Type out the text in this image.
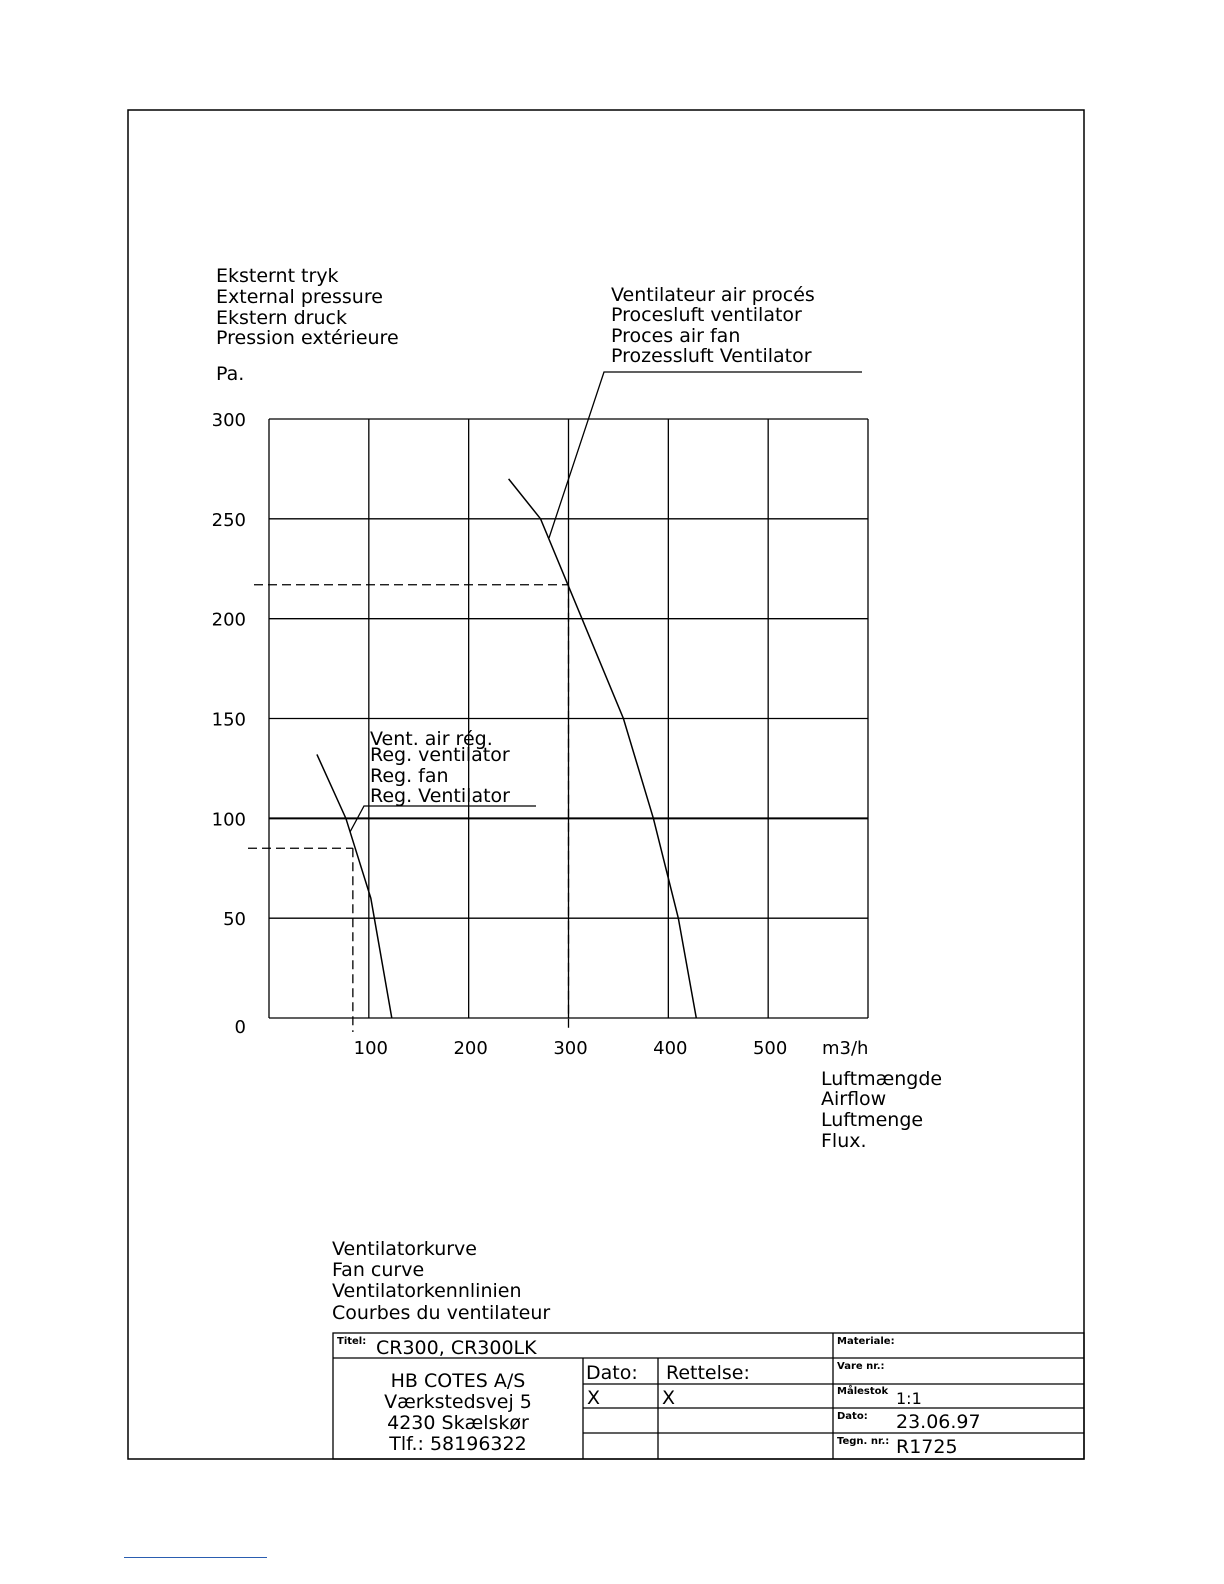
Eksternt tryk
External pressure
Ekstern druck
Pression extérieure
Pa.
Ventilateur air procés
Procesluft ventilator
Proces air fan
Prozessluft Ventilator
Vent. air rég.
Reg. ventilator
Reg. fan
Reg. Ventilator
0
50
100
150
200
250
300
100	200	300	400	500 m3/h
Luftmængde
Airflow
Luftmenge
Flux.
Ventilatorkurve
Fan curve
Ventilatorkennlinien
Courbes du ventilateur
Titel: CR300, CR300LK
HB COTES A/S
Værkstedsvej 5
4230 Skælskør
Tlf.: 58196322
Dato: Rettelse:
X	X
Materiale:
Vare nr.:
Målestok 1:1
Dato: 23.06.97
Tegn. nr.: R1725
